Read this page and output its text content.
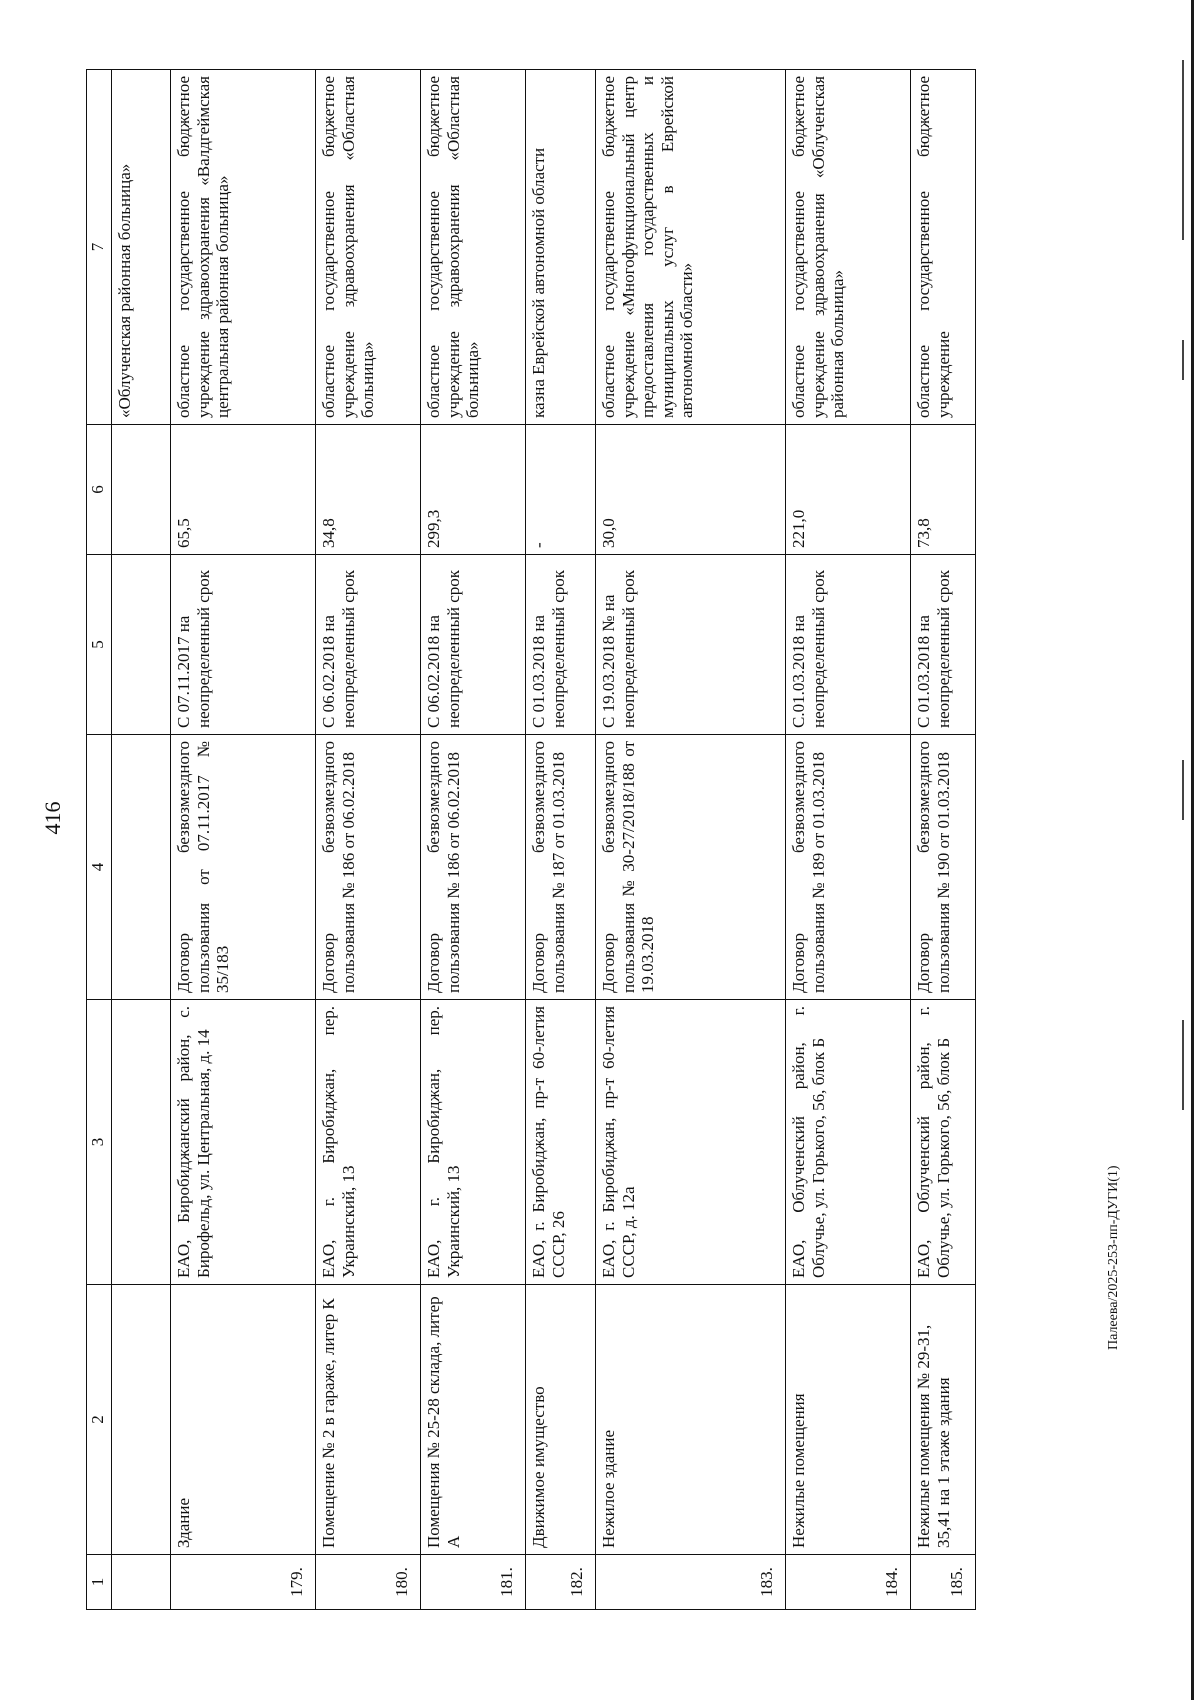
416
1	2	3	4	5	6	7
						«Облученская районная больница»
179.	Здание	ЕАО, Биробиджанский район, с. Бирофельд, ул. Центральная, д. 14	Договор безвозмездного пользования от 07.11.2017 № 35/183	С 07.11.2017 на неопределенный срок	65,5	областное государственное бюджетное учреждение здравоохранения «Валдгеймская центральная районная больница»
180.	Помещение № 2 в гараже, литер К	ЕАО, г. Биробиджан, пер. Украинский, 13	Договор безвозмездного пользования № 186 от 06.02.2018	С 06.02.2018 на неопределенный срок	34,8	областное государственное бюджетное учреждение здравоохранения «Областная больница»
181.	Помещения № 25-28 склада, литер А	ЕАО, г. Биробиджан, пер. Украинский, 13	Договор безвозмездного пользования № 186 от 06.02.2018	С 06.02.2018 на неопределенный срок	299,3	областное государственное бюджетное учреждение здравоохранения «Областная больница»
182.	Движимое имущество	ЕАО, г. Биробиджан, пр-т 60-летия СССР, 26	Договор безвозмездного пользования № 187 от 01.03.2018	С 01.03.2018 на неопределенный срок	-	казна Еврейской автономной области
183.	Нежилое здание	ЕАО, г. Биробиджан, пр-т 60-летия СССР, д. 12а	Договор безвозмездного пользования № 30-27/2018/188 от 19.03.2018	С 19.03.2018 № на неопределенный срок	30,0	областное государственное бюджетное учреждение «Многофункциональный центр предоставления государственных и муниципальных услуг в Еврейской автономной области»
184.	Нежилые помещения	ЕАО, Облученский район, г. Облучье, ул. Горького, 56, блок Б	Договор безвозмездного пользования № 189 от 01.03.2018	С.01.03.2018 на неопределенный срок	221,0	областное государственное бюджетное учреждение здравоохранения «Облученская районная больница»
185.	Нежилые помещения № 29-31, 35,41 на 1 этаже здания	ЕАО, Облученский район, г. Облучье, ул. Горького, 56, блок Б	Договор безвозмездного пользования № 190 от 01.03.2018	С 01.03.2018 на неопределенный срок	73,8	областное государственное бюджетное учреждение
Палеева/2025-253-пп-ДУГИ(1)
